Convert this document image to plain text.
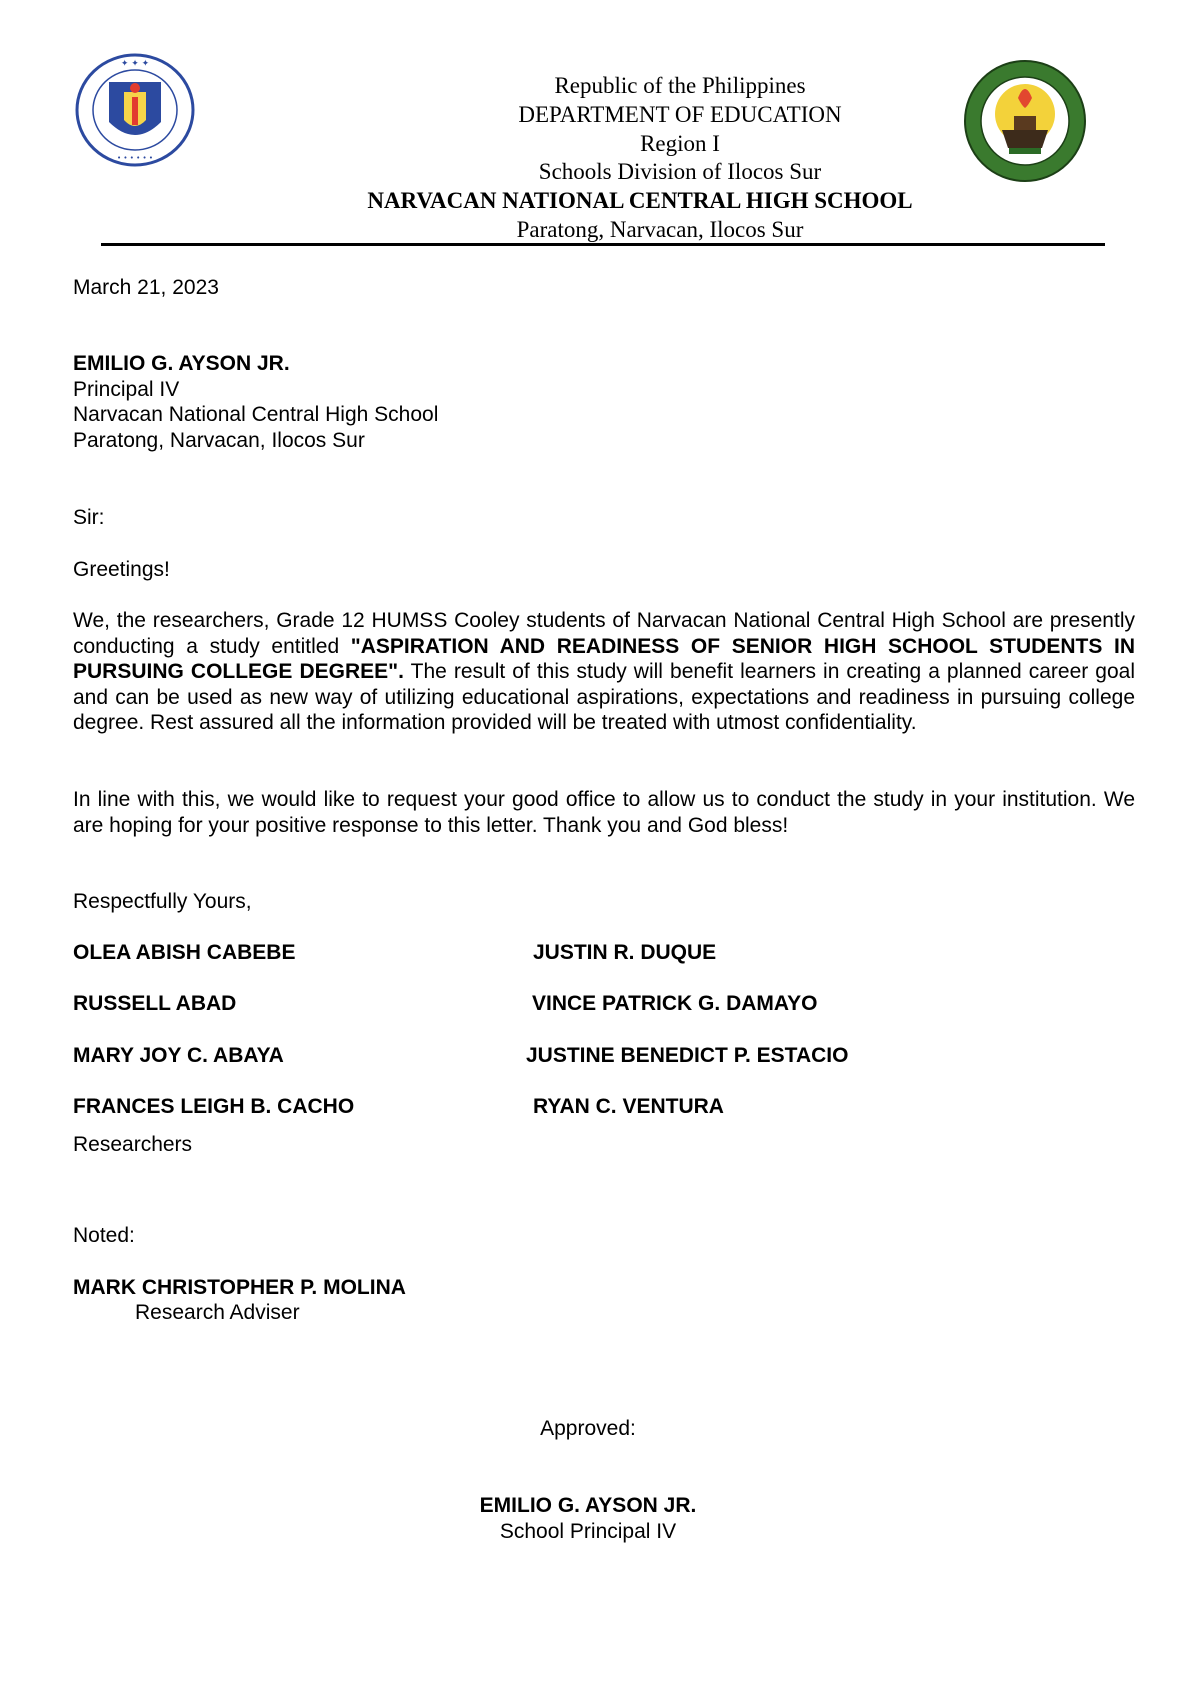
✦ ✦ ✦
• • • • • •
Republic of the Philippines
DEPARTMENT OF EDUCATION
Region I
Schools Division of Ilocos Sur
NARVACAN NATIONAL CENTRAL HIGH SCHOOL
Paratong, Narvacan, Ilocos Sur
March 21, 2023
EMILIO G. AYSON JR.
Principal IV
Narvacan National Central High School
Paratong, Narvacan, Ilocos Sur
Sir:
Greetings!
We, the researchers, Grade 12 HUMSS Cooley students of Narvacan National Central High School are presently conducting a study entitled "ASPIRATION AND READINESS OF SENIOR HIGH SCHOOL STUDENTS IN PURSUING COLLEGE DEGREE". The result of this study will benefit learners in creating a planned career goal and can be used as new way of utilizing educational aspirations, expectations and readiness in pursuing college degree. Rest assured all the information provided will be treated with utmost confidentiality.
In line with this, we would like to request your good office to allow us to conduct the study in your institution. We are hoping for your positive response to this letter. Thank you and God bless!
Respectfully Yours,
OLEA ABISH CABEBE
RUSSELL ABAD
MARY JOY C. ABAYA
FRANCES LEIGH B. CACHO
JUSTIN R. DUQUE
VINCE PATRICK G. DAMAYO
JUSTINE BENEDICT P. ESTACIO
RYAN C. VENTURA
Researchers
Noted:
MARK CHRISTOPHER P. MOLINA
Research Adviser
Approved:
EMILIO G. AYSON JR.
School Principal IV
